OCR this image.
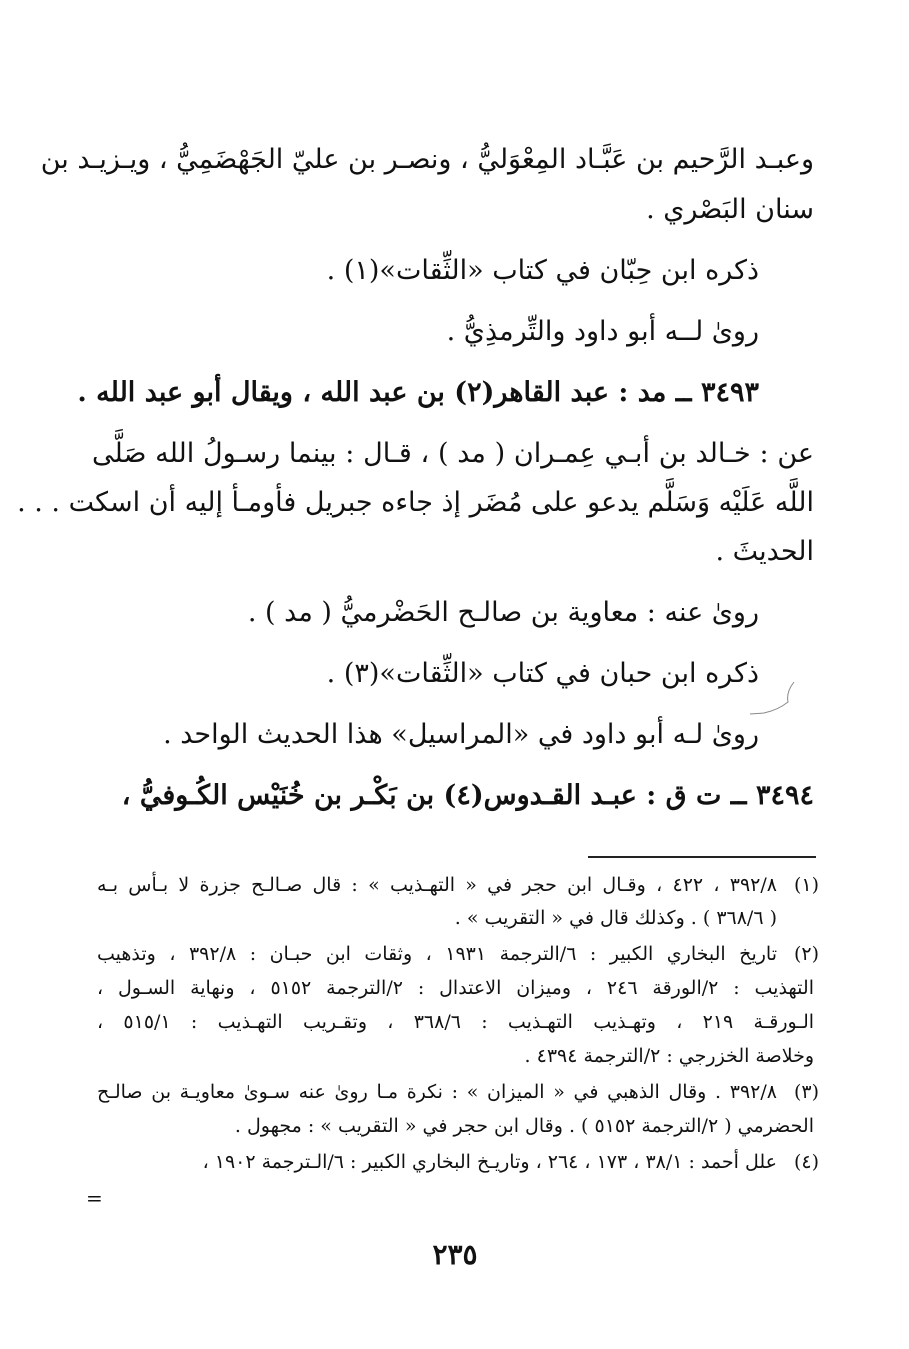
وعبـد الرَّحيم بن عَبَّـاد المِعْوَليُّ ، ونصـر بن عليّ الجَهْضَمِيُّ ، ويـزيـد بن
سنان البَصْري .
ذكره ابن حِبّان في كتاب «الثِّقات»(١) .
روىٰ لــه أبو داود والتِّرمذِيُّ .
٣٤٩٣ ــ مد : عبد القاهر(٢) بن عبد الله ، ويقال أبو عبد الله .
عن : خـالد بن أبـي عِمـران ( مد ) ، قـال : بينما رسـولُ الله صَلَّى
اللَّه عَلَيْه وَسَلَّم يدعو على مُضَر إذ جاءه جبريل فأومـأ إليه أن اسكت . . .
الحديثَ .
روىٰ عنه : معاوية بن صالـح الحَضْرميُّ ( مد ) .
ذكره ابن حبان في كتاب «الثِّقات»(٣) .
روىٰ لـه أبو داود في «المراسيل» هذا الحديث الواحد .
٣٤٩٤ ــ ت ق : عبـد القـدوس(٤) بن بَكْـر بن خُنَيْس الكُـوفيُّ ،
(١)
٣٩٢/٨ ، ٤٢٢ ، وقـال ابن حجر في « التهـذيب » : قال صـالـح جزرة لا بـأس بـه
( ٣٦٨/٦ ) . وكذلك قال في « التقريب » .
(٢)
تاريخ البخاري الكبير : ٦/الترجمة ١٩٣١ ، وثقات ابن حبـان : ٣٩٢/٨ ، وتذهيب
التهذيب : ٢/الورقة ٢٤٦ ، وميزان الاعتدال : ٢/الترجمة ٥١٥٢ ، ونهاية السـول ،
الـورقـة ٢١٩ ، وتهـذيب التهـذيب : ٣٦٨/٦ ، وتقـريب التهـذيب : ٥١٥/١ ،
وخلاصة الخزرجي : ٢/الترجمة ٤٣٩٤ .
(٣)
٣٩٢/٨ . وقال الذهبي في « الميزان » : نكرة مـا روىٰ عنه سـوىٰ معاويـة بن صالـح
الحضرمي ( ٢/الترجمة ٥١٥٢ ) . وقال ابن حجر في « التقريب » : مجهول .
(٤)
علل أحمد : ٣٨/١ ، ١٧٣ ، ٢٦٤ ، وتاريـخ البخاري الكبير : ٦/الـترجمة ١٩٠٢ ،
=
٢٣٥
